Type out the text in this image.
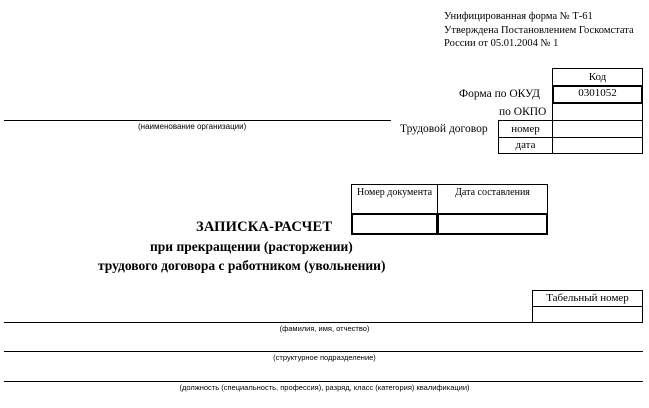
Унифицированная форма № Т-61
Утверждена Постановлением Госкомстата
России от 05.01.2004 № 1
Код
Форма по ОКУД	0301052
по ОКПО
(наименование организации)	Трудовой договор	номер
дата
Номер документа	Дата составления
ЗАПИСКА-РАСЧЕТ
при прекращении (расторжении)
трудового договора с работником (увольнении)
Табельный номер
(фамилия, имя, отчество)
(структурное подразделение)
(должность (специальность, профессия), разряд, класс (категория) квалификации)
